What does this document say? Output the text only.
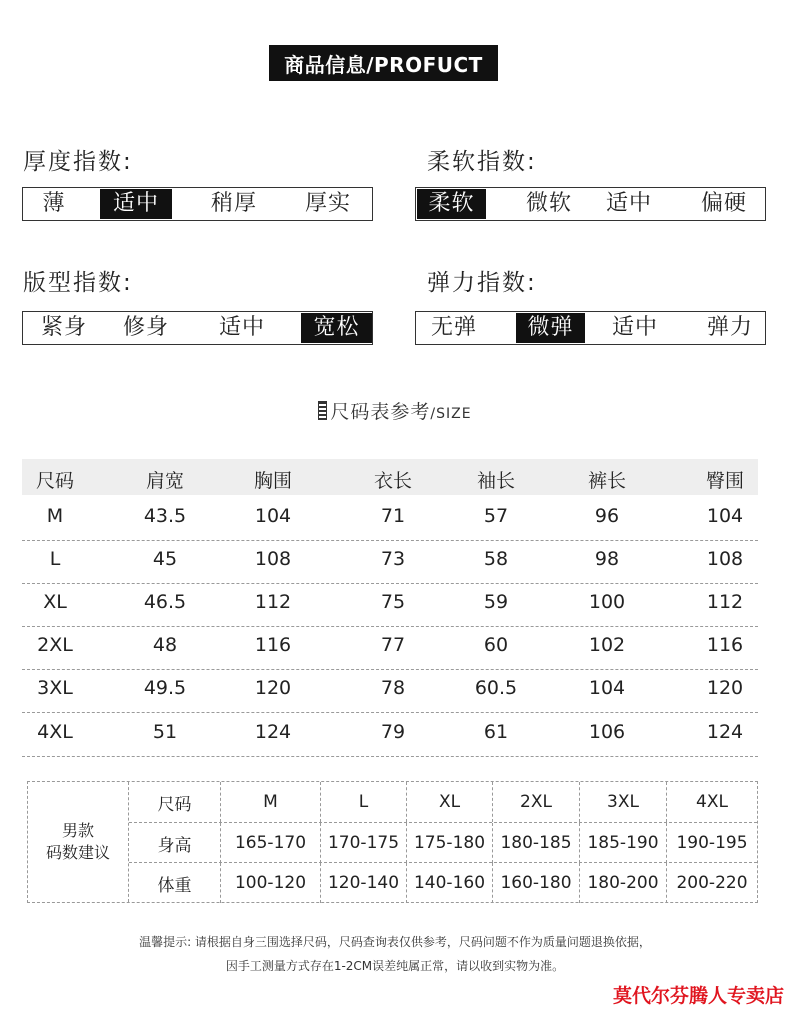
商品信息/PROFUCT
厚度指数:
薄	适中	稍厚	厚实
柔软指数:
柔软	微软	适中	偏硬
版型指数:
紧身	修身	适中	宽松
弹力指数:
无弹	微弹	适中	弹力
尺码表参考/SIZE
尺码	肩宽	胸围	衣长	袖长	裤长	臀围
M	43.5	104	71	57	96	104
L	45	108	73	58	98	108
XL	46.5	112	75	59	100	112
2XL	48	116	77	60	102	116
3XL	49.5	120	78	60.5	104	120
4XL	51	124	79	61	106	124
男款
码数建议
尺码	M	L	XL	2XL	3XL	4XL
身高	165-170	170-175 175-180 180-185 185-190	190-195
体重	100-120	120-140 140-160 160-180 180-200	200-220
温馨提示: 请根据自身三围选择尺码，尺码查询表仅供参考，尺码问题不作为质量问题退换依据，
因手工测量方式存在1-2CM误差纯属正常，请以收到实物为准。
莫代尔芬腾人专卖店
